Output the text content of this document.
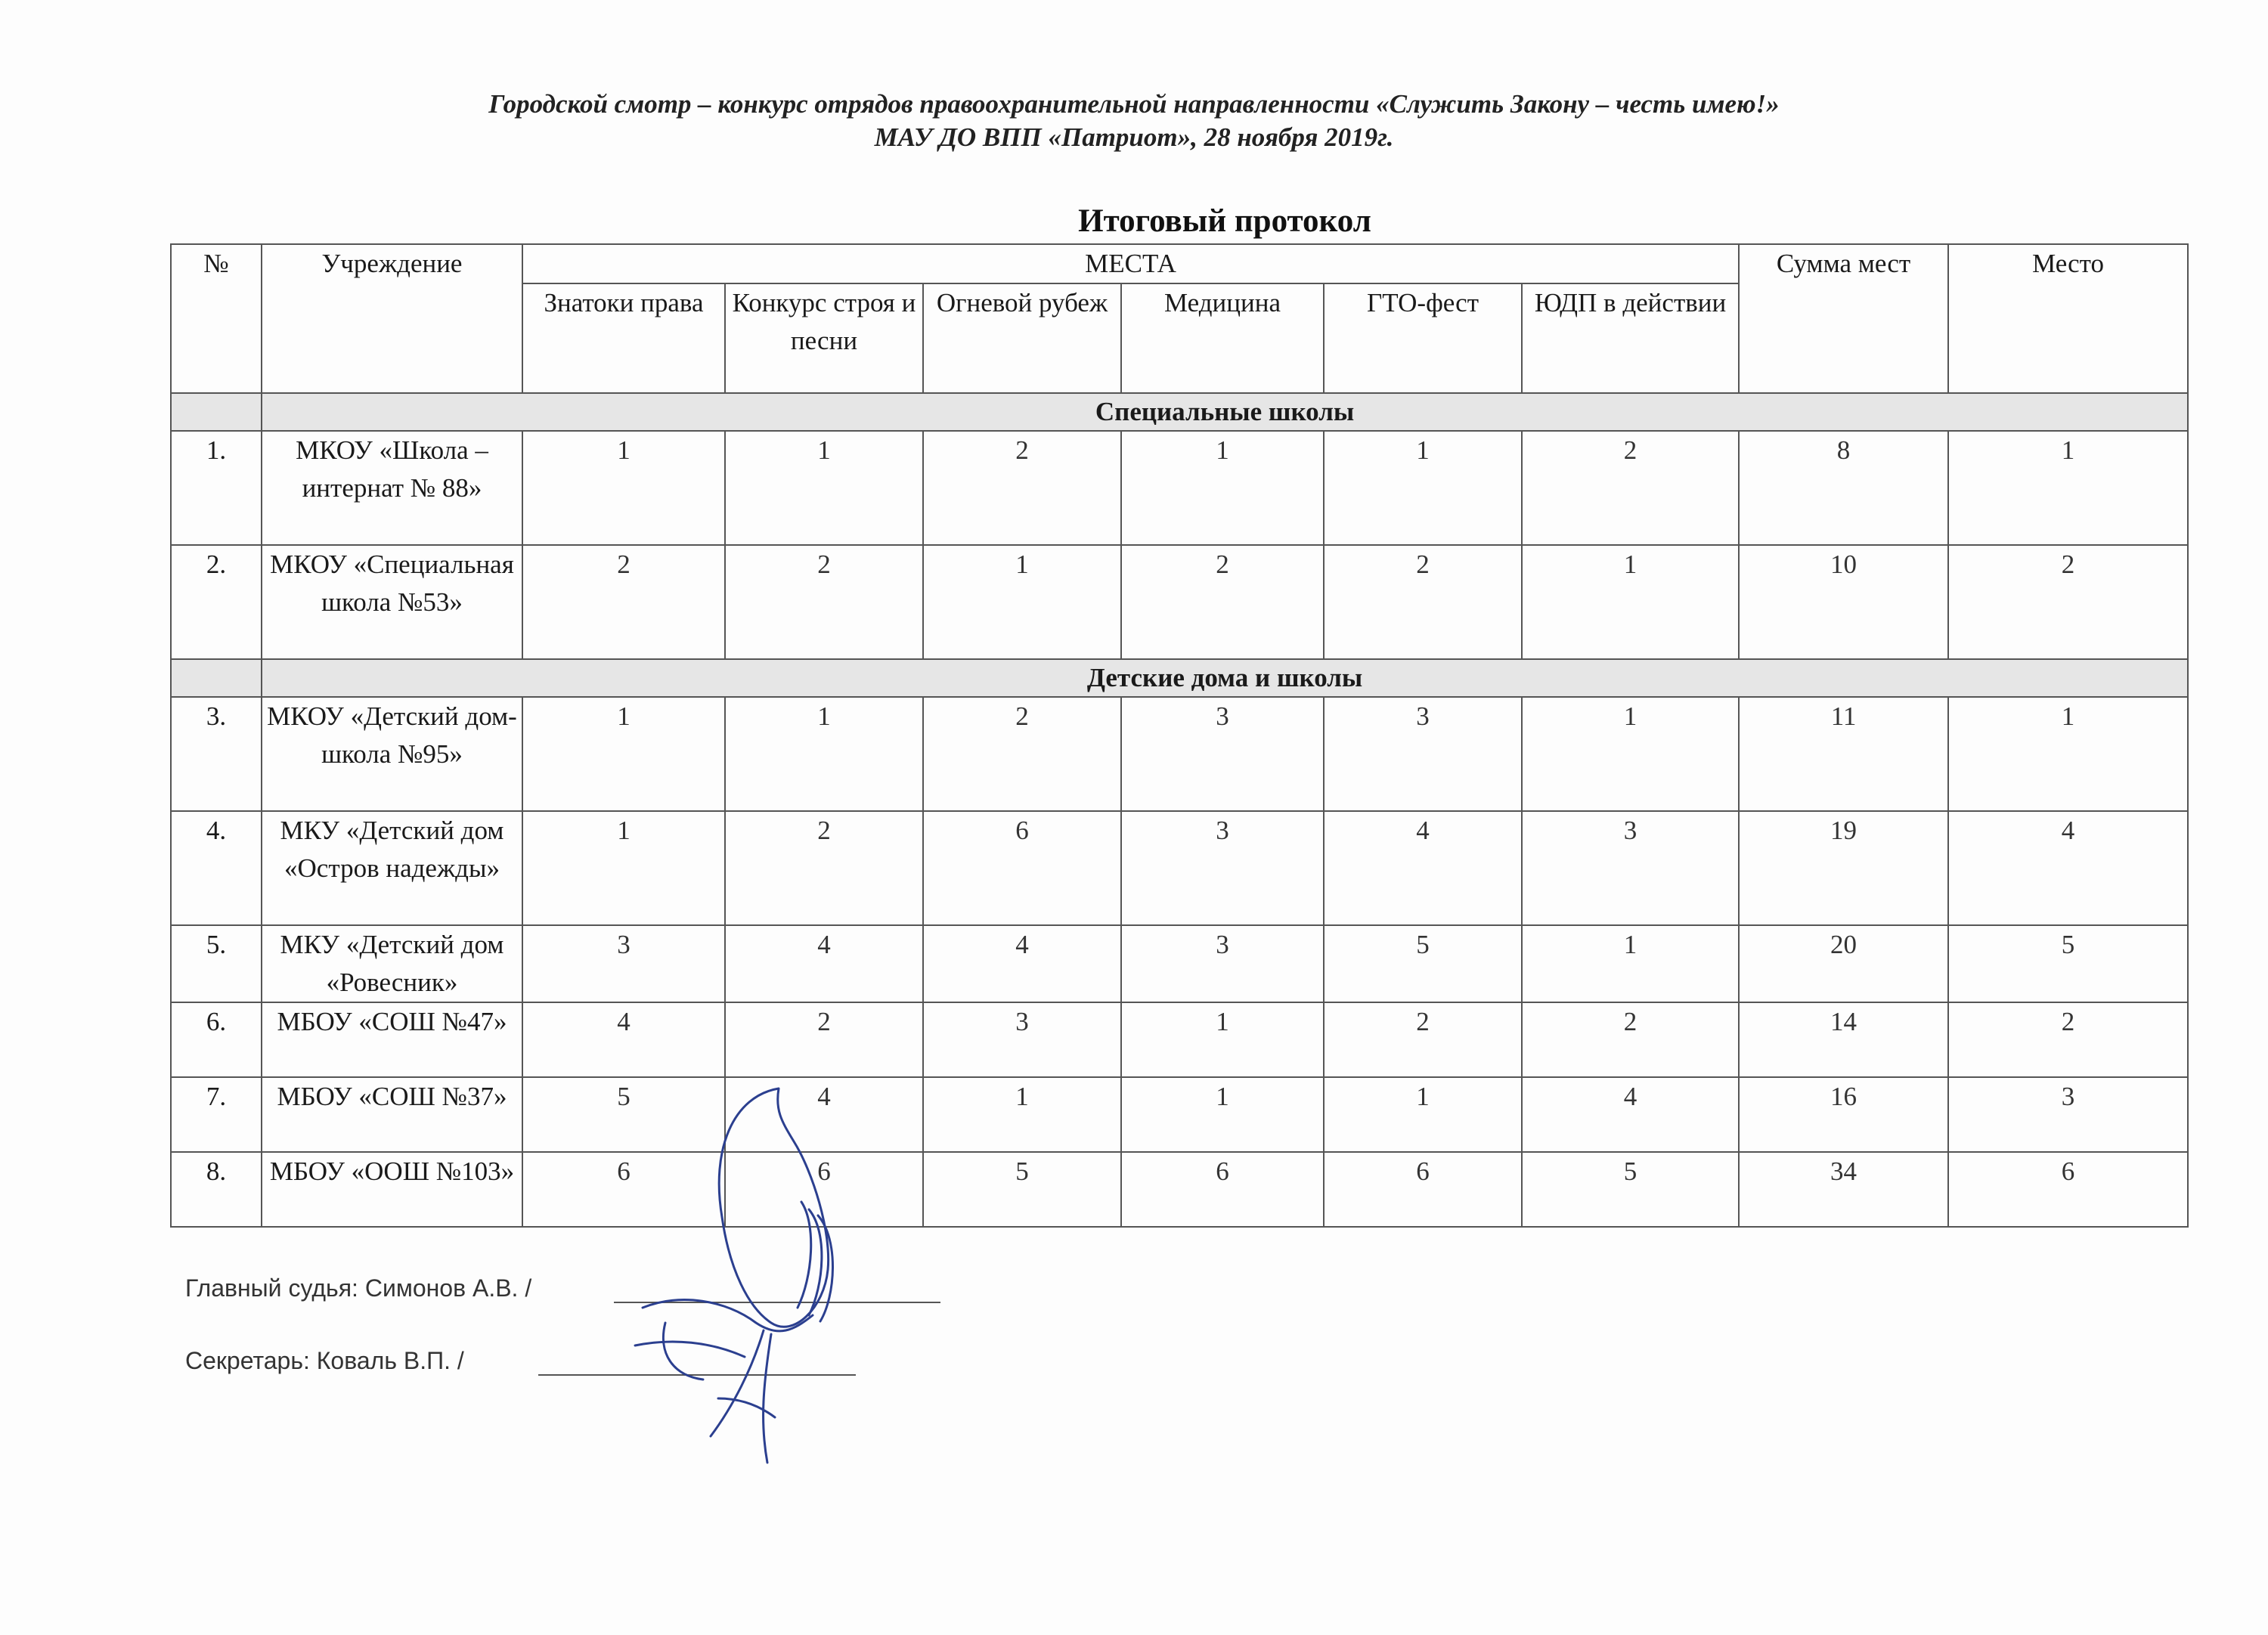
Городской смотр – конкурс отрядов правоохранительной направленности «Служить Закону – честь имею!»
МАУ ДО ВПП «Патриот», 28 ноября 2019г.
Итоговый протокол
№	Учреждение	МЕСТА						Сумма мест	Место
		Знатоки права	Конкурс строя и песни	Огневой рубеж	Медицина	ГТО-фест	ЮДП в действии		
	Специальные школы								
1.	МКОУ «Школа – интернат № 88»	1	1	2	1	1	2	8	1
2.	МКОУ «Специальная школа №53»	2	2	1	2	2	1	10	2
	Детские дома и школы								
3.	МКОУ «Детский дом-школа №95»	1	1	2	3	3	1	11	1
4.	МКУ «Детский дом «Остров надежды»	1	2	6	3	4	3	19	4
5.	МКУ «Детский дом «Ровесник»	3	4	4	3	5	1	20	5
6.	МБОУ «СОШ №47»	4	2	3	1	2	2	14	2
7.	МБОУ «СОШ №37»	5	4	1	1	1	4	16	3
8.	МБОУ «ООШ №103»	6	6	5	6	6	5	34	6
Главный судья: Симонов А.В. /
Секретарь: Коваль В.П. /
